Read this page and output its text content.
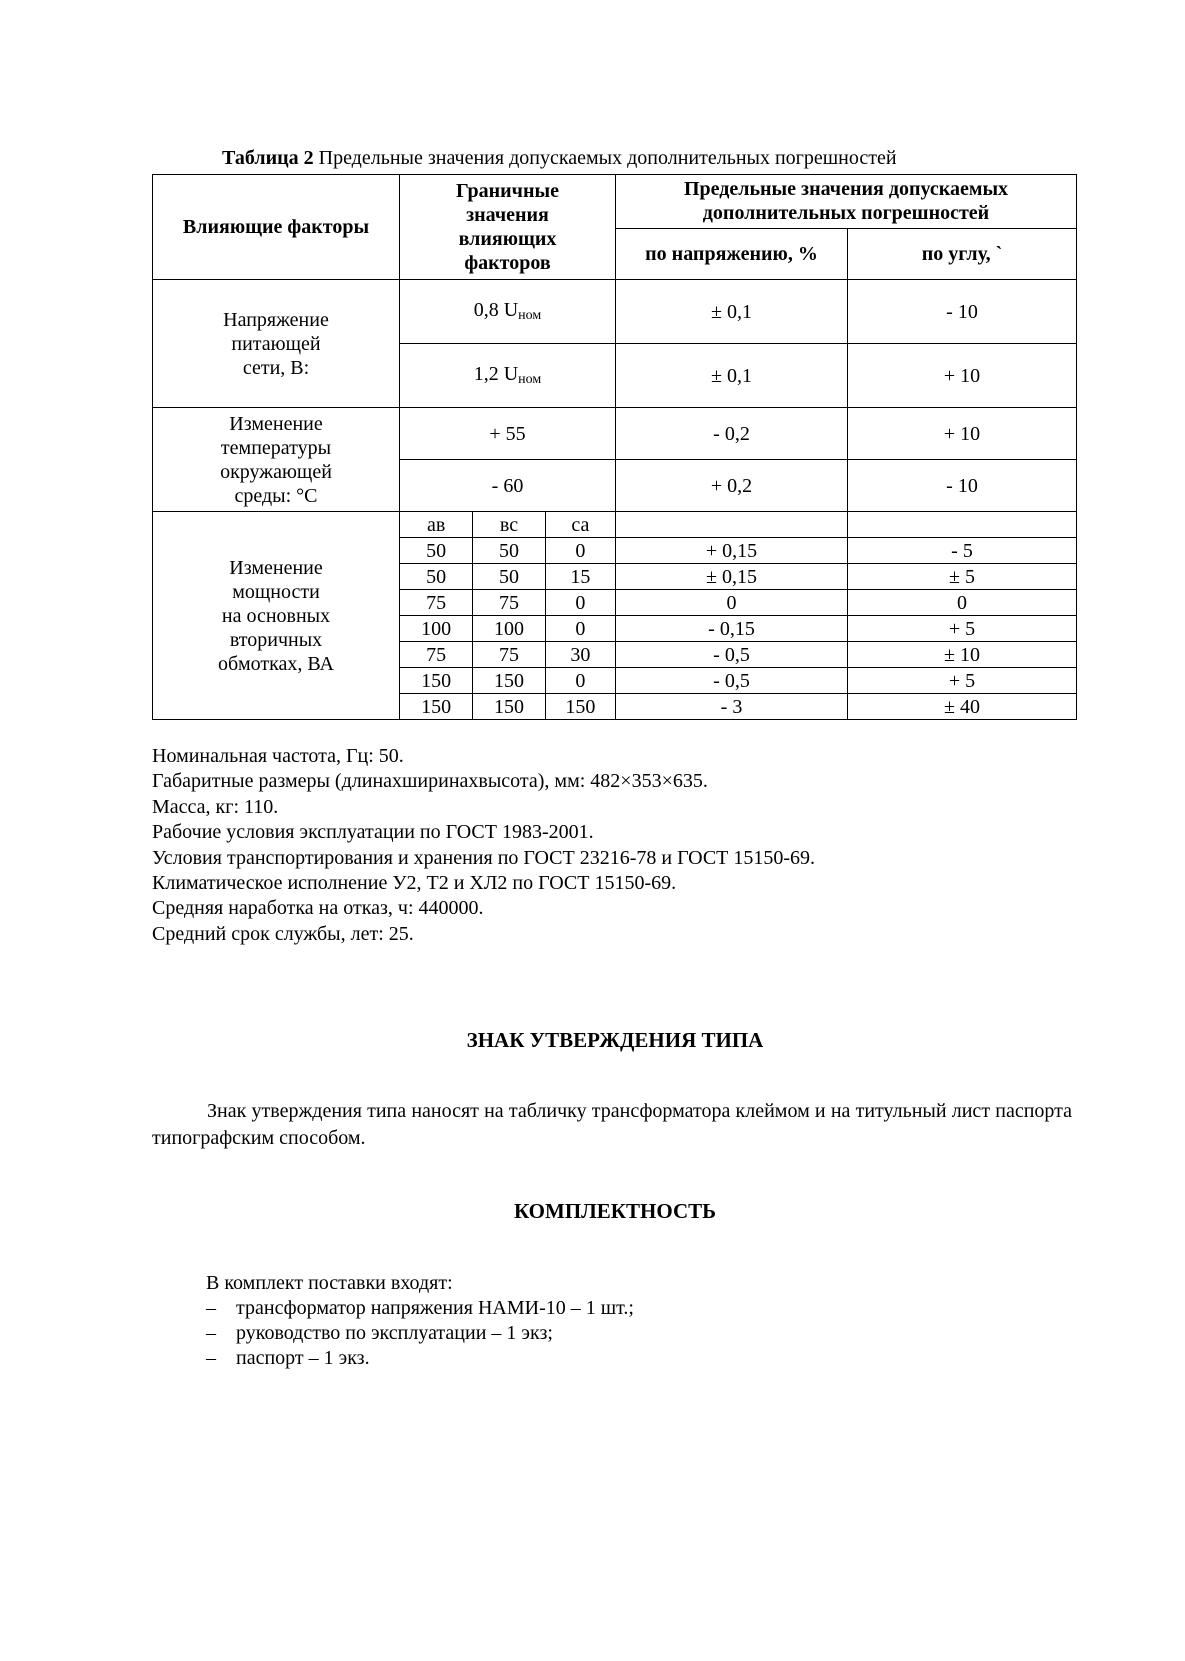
Таблица 2 Предельные значения допускаемых дополнительных погрешностей
Влияющие факторы	Граничные
значения
влияющих
факторов			Предельные значения допускаемых
дополнительных погрешностей	
				по напряжению, %	по углу, `
Напряжение
питающей
сети, В:	0,8 $U_{ном}$			± 0,1	- 10
	1,2 $U_{ном}$			± 0,1	+ 10
Изменение
температуры
окружающей
среды: °С	+ 55			- 0,2	+ 10
	- 60			+ 0,2	- 10
Изменение
мощности
на основных
вторичных
обмотках, ВА	ав	вс	са		
	50	50	0	+ 0,15	- 5
	50	50	15	± 0,15	± 5
	75	75	0	0	0
	100	100	0	- 0,15	+ 5
	75	75	30	- 0,5	± 10
	150	150	0	- 0,5	+ 5
	150	150	150	- 3	± 40
Номинальная частота, Гц: 50.
Габаритные размеры (длинаxширинаxвысота), мм: 482×353×635.
Масса, кг: 110.
Рабочие условия эксплуатации по ГОСТ 1983-2001.
Условия транспортирования и хранения по ГОСТ 23216-78 и ГОСТ 15150-69.
Климатическое исполнение У2, Т2 и ХЛ2 по ГОСТ 15150-69.
Средняя наработка на отказ, ч: 440000.
Средний срок службы, лет: 25.
ЗНАК УТВЕРЖДЕНИЯ ТИПА
Знак утверждения типа наносят на табличку трансформатора клеймом и на титульный лист паспорта типографским способом.
КОМПЛЕКТНОСТЬ
В комплект поставки входят:
– трансформатор напряжения НАМИ-10 – 1 шт.;
– руководство по эксплуатации – 1 экз;
– паспорт – 1 экз.
